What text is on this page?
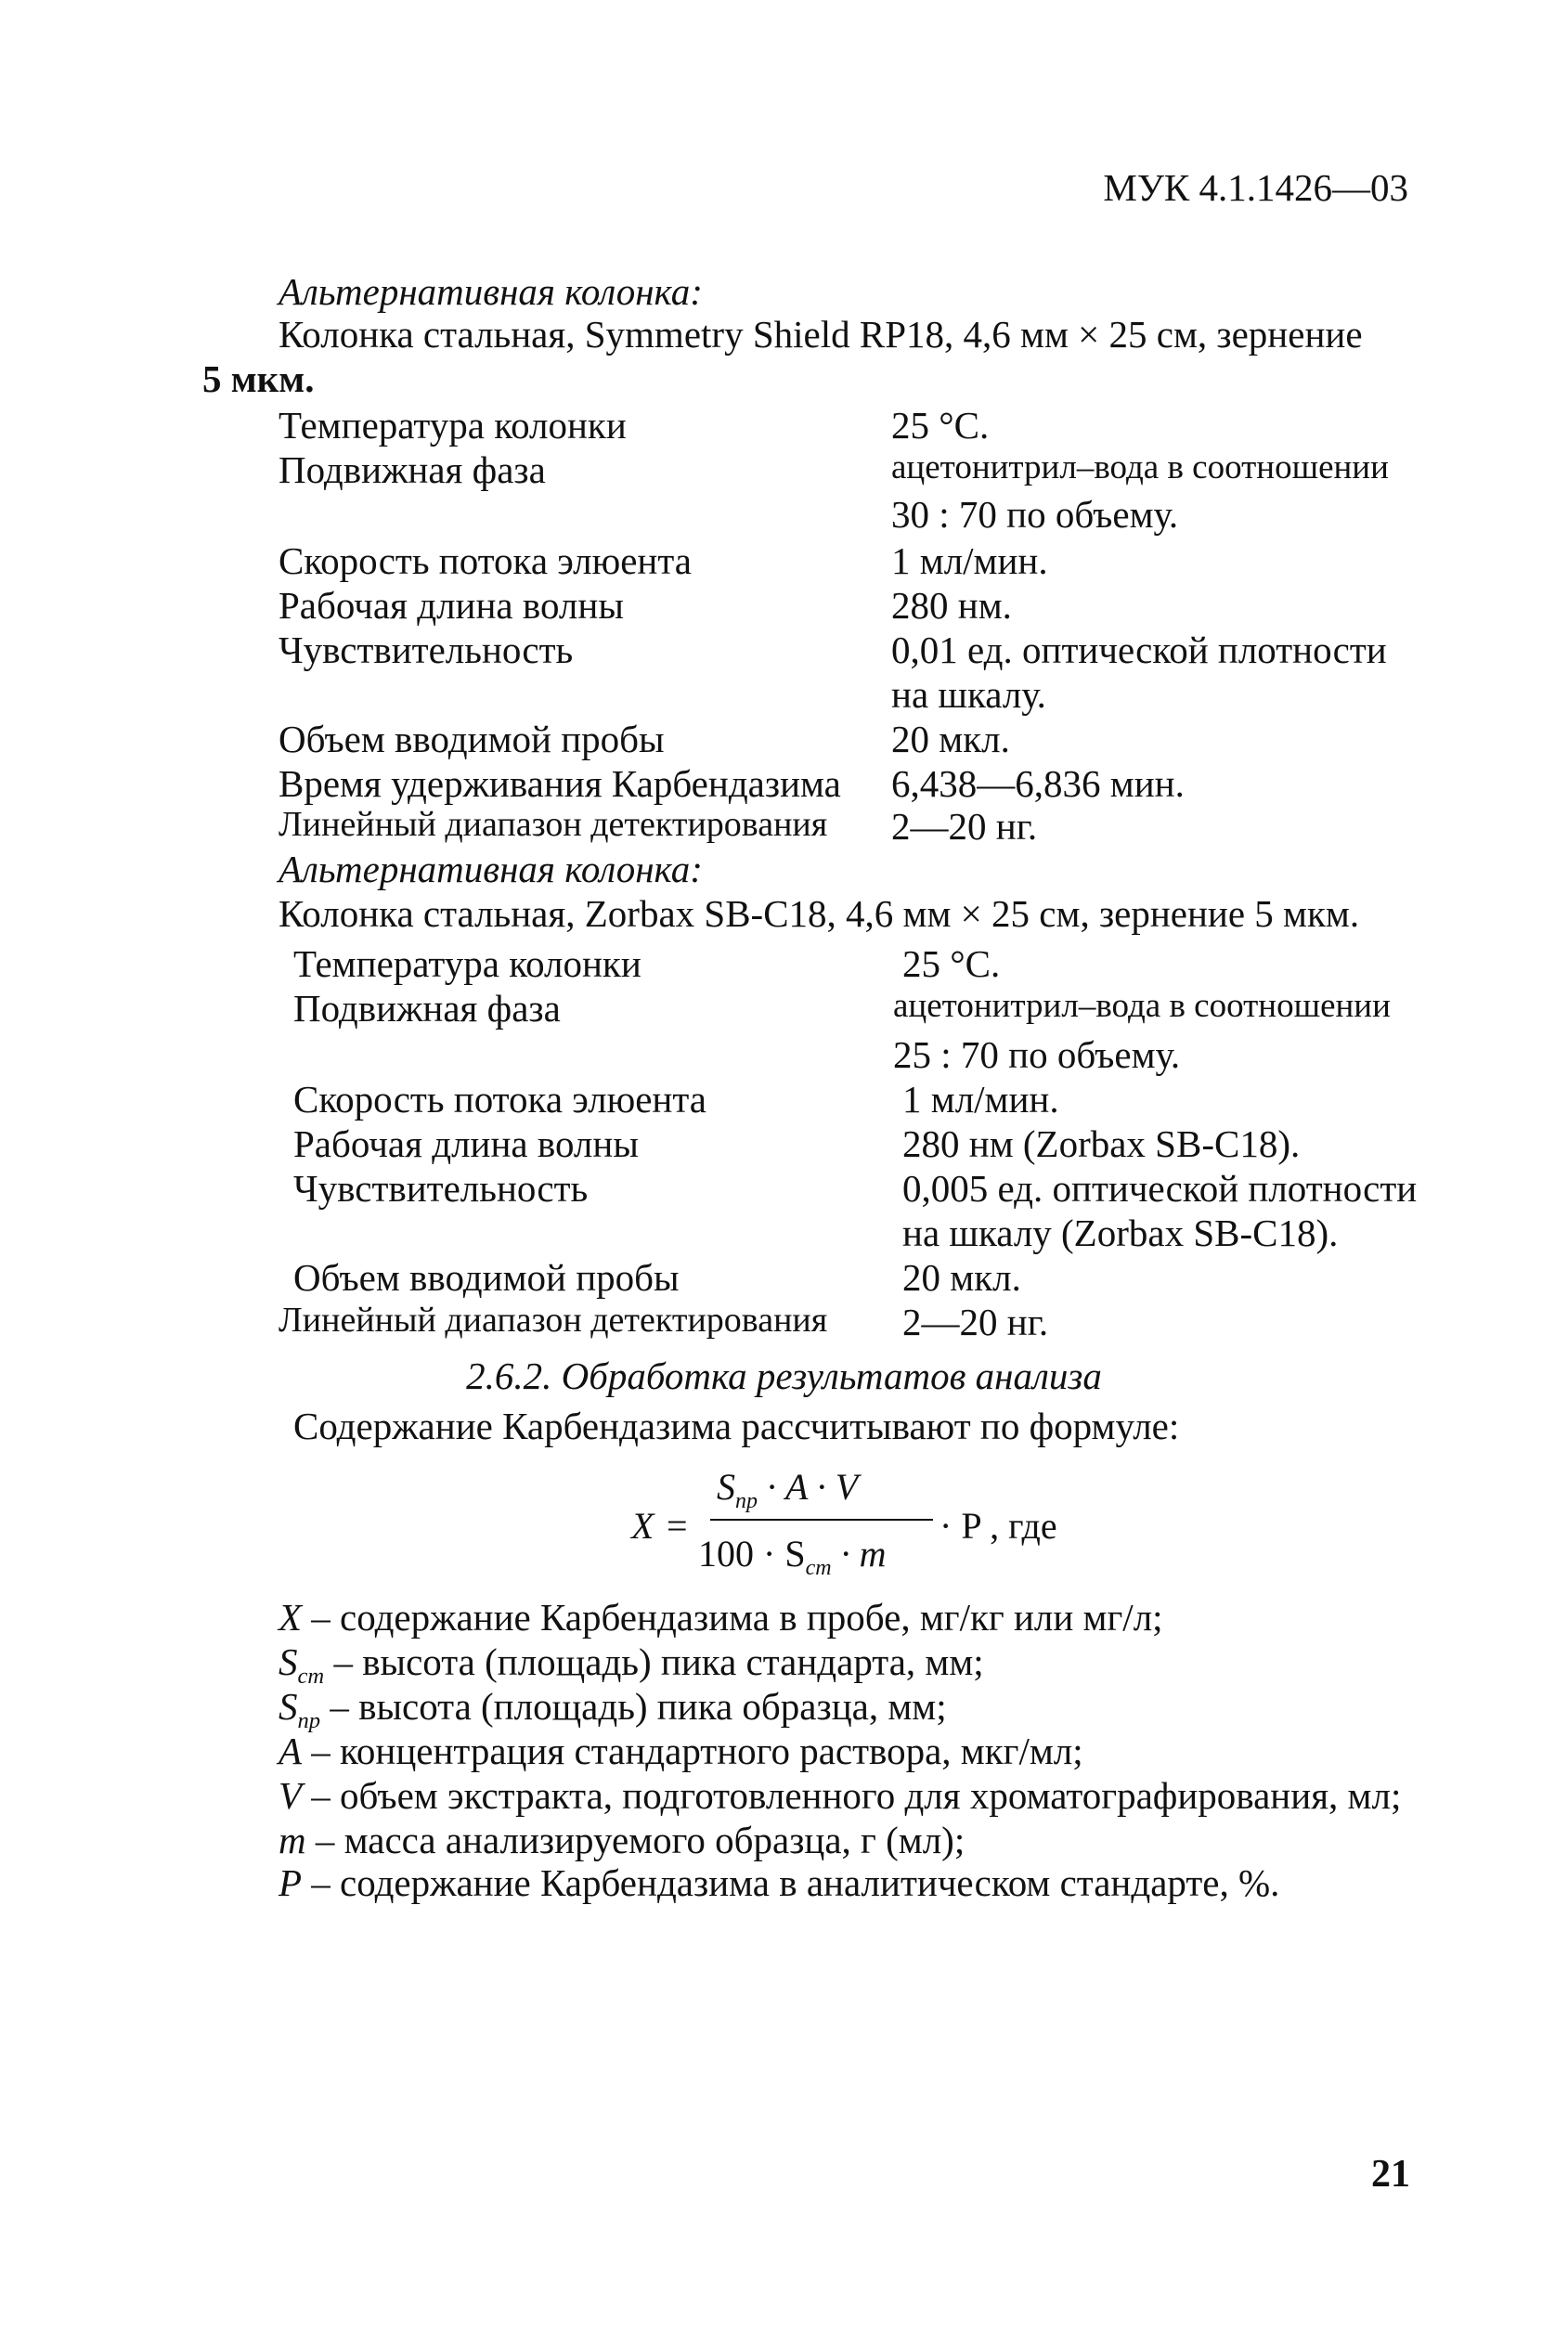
МУК 4.1.1426—03
Альтернативная колонка:
Колонка стальная, Symmetry Shield RP18, 4,6 мм × 25 см, зернение
5 мкм.
Температура колонки	25 °С.
Подвижная фаза	ацетонитрил–вода в соотношении
30 : 70 по объему.
Скорость потока элюента	1 мл/мин.
Рабочая длина волны	280 нм.
Чувствительность	0,01 ед. оптической плотности
на шкалу.
Объем вводимой пробы	20 мкл.
Время удерживания Карбендазима 6,438—6,836 мин.
Линейный диапазон детектирования 2—20 нг.
Альтернативная колонка:
Колонка стальная, Zorbax SB-C18, 4,6 мм × 25 см, зернение 5 мкм.
Температура колонки	25 °С.
Подвижная фаза	ацетонитрил–вода в соотношении
25 : 70 по объему.
Скорость потока элюента	1 мл/мин.
Рабочая длина волны	280 нм (Zorbax SB-C18).
Чувствительность	0,005 ед. оптической плотности
на шкалу (Zorbax SB-C18).
Объем вводимой пробы	20 мкл.
Линейный диапазон детектирования 2—20 нг.
2.6.2. Обработка результатов анализа
Содержание Карбендазима рассчитывают по формуле:
X =
$S_{пр} \cdot A \cdot V$
$100 \cdot S_{ст} \cdot m$
· P , где
X – содержание Карбендазима в пробе, мг/кг или мг/л;
$S_{ст}$ – высота (площадь) пика стандарта, мм;
$S_{пр}$ – высота (площадь) пика образца, мм;
A – концентрация стандартного раствора, мкг/мл;
V – объем экстракта, подготовленного для хроматографирования, мл;
m – масса анализируемого образца, г (мл);
P – содержание Карбендазима в аналитическом стандарте, %.
21
